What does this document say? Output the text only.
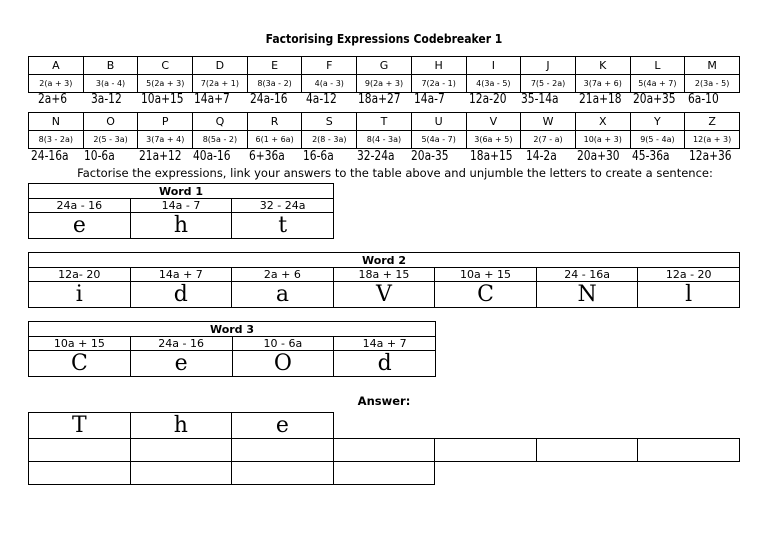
Factorising Expressions Codebreaker 1
A	B	C	D	E	F	G	H	I	J	K	L	M
2(a + 3)	3(a - 4)	5(2a + 3)	7(2a + 1)	8(3a - 2)	4(a - 3)	9(2a + 3)	7(2a - 1)	4(3a - 5)	7(5 - 2a)	3(7a + 6)	5(4a + 7)	2(3a - 5)
2a+6 3a-12 10a+15 14a+7 24a-16 4a-12 18a+27 14a-7 12a-20 35-14a 21a+18 20a+35 6a-10
N	O	P	Q	R	S	T	U	V	W	X	Y	Z
8(3 - 2a)	2(5 - 3a)	3(7a + 4)	8(5a - 2)	6(1 + 6a)	2(8 - 3a)	8(4 - 3a)	5(4a - 7)	3(6a + 5)	2(7 - a)	10(a + 3)	9(5 - 4a)	12(a + 3)
24-16a 10-6a 21a+12 40a-16 6+36a 16-6a 32-24a 20a-35 18a+15 14-2a 20a+30 45-36a 12a+36
Factorise the expressions, link your answers to the table above and unjumble the letters to create a sentence:
Word 1		
24a - 16	14a - 7	32 - 24a
e	h	t
Word 2						
12a- 20	14a + 7	2a + 6	18a + 15	10a + 15	24 - 16a	12a - 20
i	d	a	V	C	N	l
Word 3			
10a + 15	24a - 16	10 - 6a	14a + 7
C	e	O	d
Answer:
T	h	e				
